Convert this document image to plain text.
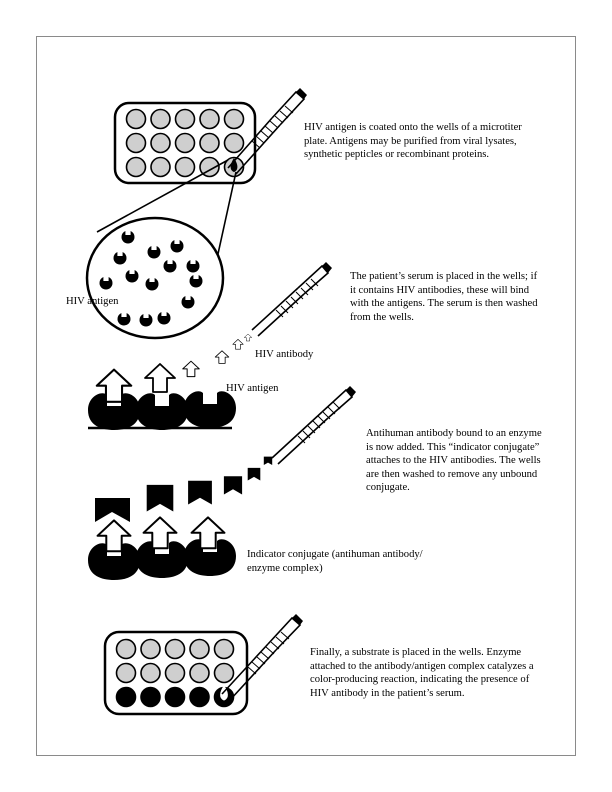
HIV antigen is coated onto the wells of a microtiter plate. Antigens may be purified from viral lysates, synthetic pepticles or recombinant proteins.

The patient’s serum is placed in the wells; if it contains HIV antibodies, these will bind with the antigens. The serum is then washed from the wells.

Antihuman antibody bound to an enzyme is now added. This “indicator conjugate” attaches to the HIV antibodies. The wells are then washed to remove any unbound conjugate.

Finally, a substrate is placed in the wells. Enzyme attached to the antibody/antigen complex catalyzes a color-producing reaction, indicating the presence of HIV antibody in the patient’s serum.

HIV antigen

HIV antibody

HIV antigen

Indicator conjugate (antihuman antibody/

enzyme complex)
